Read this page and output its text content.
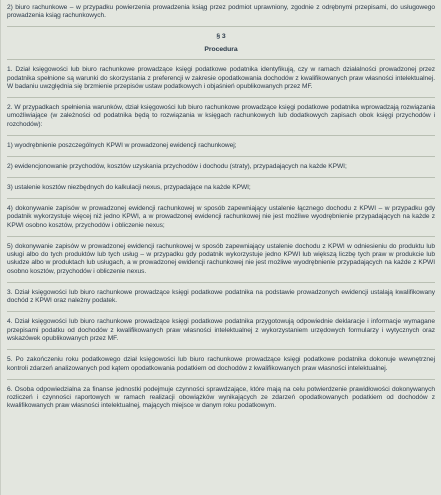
2) biuro rachunkowe – w przypadku powierzenia prowadzenia ksiąg przez podmiot uprawniony, zgodnie z odrębnymi przepisami, do usługowego prowadzenia ksiąg rachunkowych.

§ 3
Procedura

1. Dział księgowości lub biuro rachunkowe prowadzące księgi podatkowe podatnika identyfikują, czy w ramach działalności prowadzonej przez podatnika spełnione są warunki do skorzystania z preferencji w zakresie opodatkowania dochodów z kwalifikowanych praw własności intelektualnej. W badaniu uwzględnia się brzmienie przepisów ustaw podatkowych i objaśnień opublikowanych przez MF.

2. W przypadkach spełnienia warunków, dział księgowości lub biuro rachunkowe prowadzące księgi podatkowe podatnika wprowadzają rozwiązania umożliwiające (w zależności od podatnika będą to rozwiązania w księgach rachunkowych lub dodatkowych zapisach obok księgi przychodów i rozchodów):

1) wyodrębnienie poszczególnych KPWI w prowadzonej ewidencji rachunkowej;

2) ewidencjonowanie przychodów, kosztów uzyskania przychodów i dochodu (straty), przypadających na każde KPWI;

3) ustalenie kosztów niezbędnych do kalkulacji nexus, przypadające na każde KPWI;

4) dokonywanie zapisów w prowadzonej ewidencji rachunkowej w sposób zapewniający ustalenie łącznego dochodu z KPWI – w przypadku gdy podatnik wykorzystuje więcej niż jedno KPWI, a w prowadzonej ewidencji rachunkowej nie jest możliwe wyodrębnienie przypadających na każde z KPWI osobno kosztów, przychodów i obliczenie nexus;

5) dokonywanie zapisów w prowadzonej ewidencji rachunkowej w sposób zapewniający ustalenie dochodu z KPWI w odniesieniu do produktu lub usługi albo do tych produktów lub tych usług – w przypadku gdy podatnik wykorzystuje jedno KPWI lub większą liczbę tych praw w produkcie lub usłudze albo w produktach lub usługach, a w prowadzonej ewidencji rachunkowej nie jest możliwe wyodrębnienie przypadających na każde z KPWI osobno kosztów, przychodów i obliczenie nexus.

3. Dział księgowości lub biuro rachunkowe prowadzące księgi podatkowe podatnika na podstawie prowadzonych ewidencji ustalają kwalifikowany dochód z KPWI oraz należny podatek.

4. Dział księgowości lub biuro rachunkowe prowadzące księgi podatkowe podatnika przygotowują odpowiednie deklaracje i informacje wymagane przepisami podatku od dochodów z kwalifikowanych praw własności intelektualnej z wykorzystaniem urzędowych formularzy i wytycznych oraz wskazówek opublikowanych przez MF.

5. Po zakończeniu roku podatkowego dział księgowości lub biuro rachunkowe prowadzące księgi podatkowe podatnika dokonuje wewnętrznej kontroli zdarzeń analizowanych pod kątem opodatkowania podatkiem od dochodów z kwalifikowanych praw własności intelektualnej.

6. Osoba odpowiedzialna za finanse jednostki podejmuje czynności sprawdzające, które mają na celu potwierdzenie prawidłowości dokonywanych rozliczeń i czynności raportowych w ramach realizacji obowiązków wynikających ze zdarzeń opodatkowanych podatkiem od dochodów z kwalifikowanych praw własności intelektualnej, mających miejsce w danym roku podatkowym.
